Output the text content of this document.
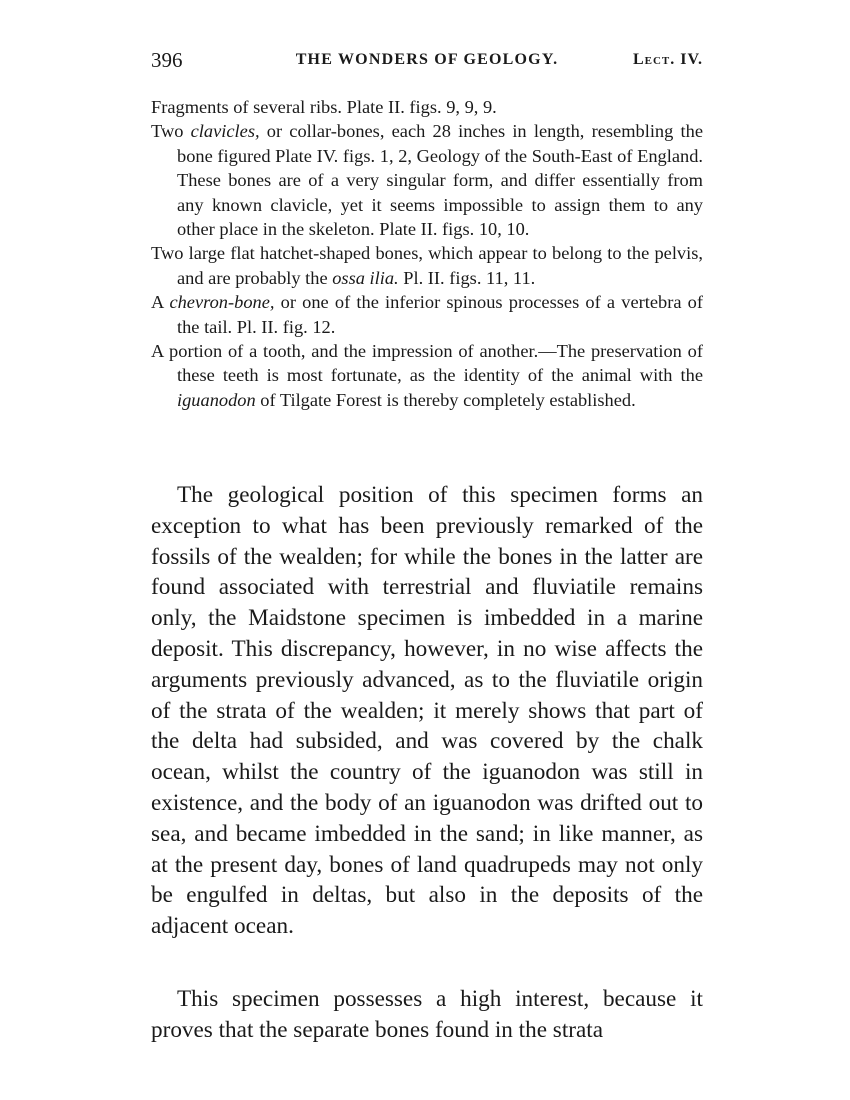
396	THE WONDERS OF GEOLOGY.	Lect. IV.
Fragments of several ribs. Plate II. figs. 9, 9, 9.
Two clavicles, or collar-bones, each 28 inches in length, resembling the bone figured Plate IV. figs. 1, 2, Geology of the South-East of England. These bones are of a very singular form, and differ essentially from any known clavicle, yet it seems impossible to assign them to any other place in the skeleton. Plate II. figs. 10, 10.
Two large flat hatchet-shaped bones, which appear to belong to the pelvis, and are probably the ossa ilia. Pl. II. figs. 11, 11.
A chevron-bone, or one of the inferior spinous processes of a vertebra of the tail. Pl. II. fig. 12.
A portion of a tooth, and the impression of another.—The preservation of these teeth is most fortunate, as the identity of the animal with the iguanodon of Tilgate Forest is thereby completely established.

The geological position of this specimen forms an exception to what has been previously remarked of the fossils of the wealden; for while the bones in the latter are found associated with terrestrial and fluviatile remains only, the Maidstone specimen is imbedded in a marine deposit. This discrepancy, however, in no wise affects the arguments previously advanced, as to the fluviatile origin of the strata of the wealden; it merely shows that part of the delta had subsided, and was covered by the chalk ocean, whilst the country of the iguanodon was still in existence, and the body of an iguanodon was drifted out to sea, and became imbedded in the sand; in like manner, as at the present day, bones of land quadrupeds may not only be engulfed in deltas, but also in the deposits of the adjacent ocean.

This specimen possesses a high interest, because it proves that the separate bones found in the strata
